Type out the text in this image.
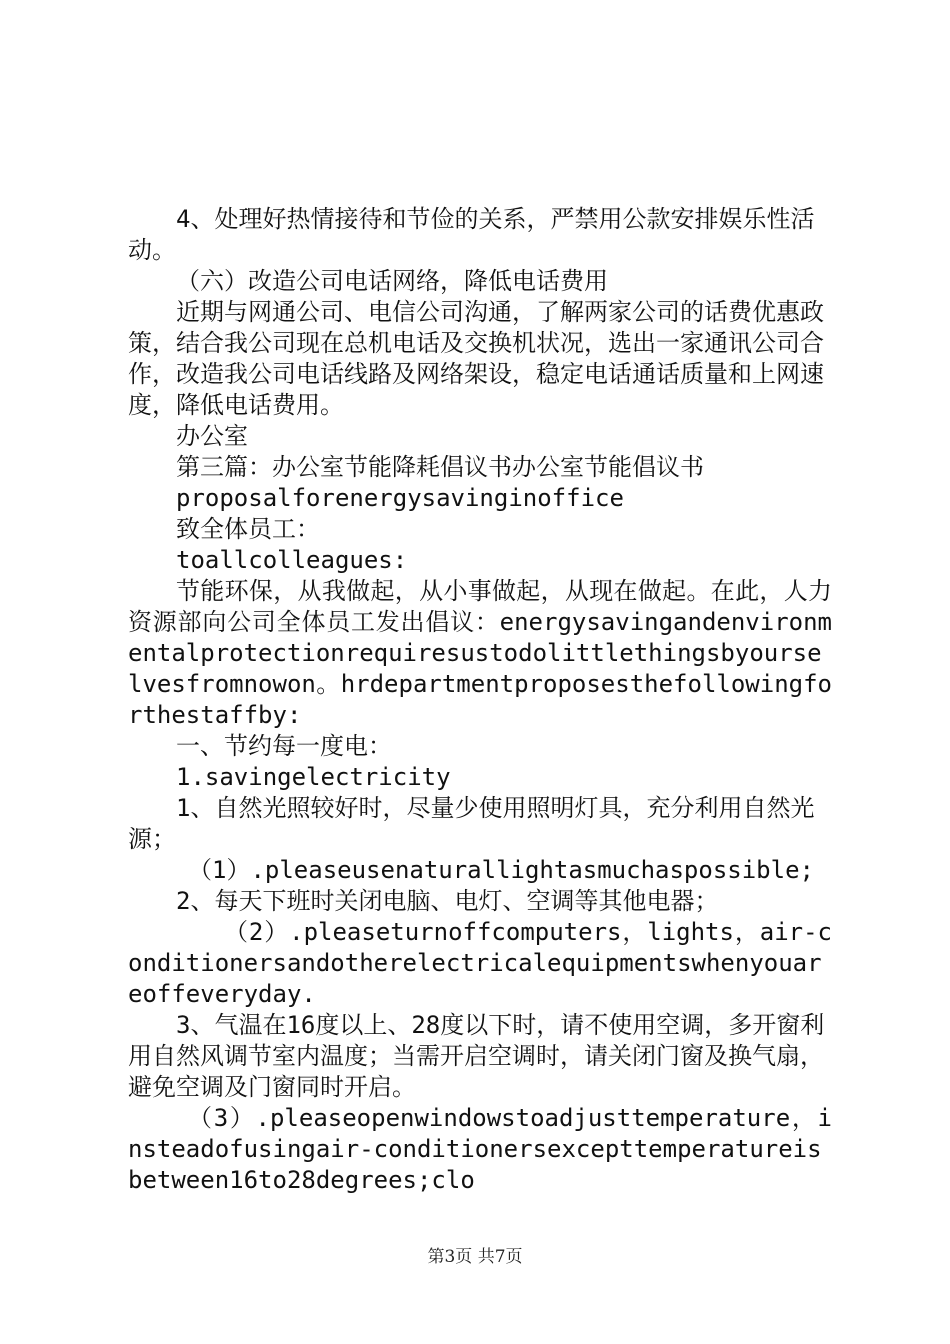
4、处理好热情接待和节俭的关系，严禁用公款安排娱乐性活动。

（六）改造公司电话网络，降低电话费用

近期与网通公司、电信公司沟通，了解两家公司的话费优惠政策，结合我公司现在总机电话及交换机状况，选出一家通讯公司合作，改造我公司电话线路及网络架设，稳定电话通话质量和上网速度，降低电话费用。

办公室

第三篇：办公室节能降耗倡议书办公室节能倡议书

proposalforenergysavinginoffice

致全体员工：

toallcolleagues:

节能环保，从我做起，从小事做起，从现在做起。在此，人力资源部向公司全体员工发出倡议：energysavingandenvironmentalprotectionrequiresustodolittlethingsbyourselvesfromnowon。hrdepartmentproposesthefollowingforthestaffby:

一、节约每一度电：

1.savingelectricity

1、自然光照较好时，尽量少使用照明灯具，充分利用自然光源；

（1）.pleaseusenaturallightasmuchaspossible;

2、每天下班时关闭电脑、电灯、空调等其他电器；

（2）.pleaseturnoffcomputers，lights，air-conditionersandotherelectricalequipmentswhenyouareoffeveryday.

3、气温在16度以上、28度以下时，请不使用空调，多开窗利用自然风调节室内温度；当需开启空调时，请关闭门窗及换气扇，避免空调及门窗同时开启。

（3）.pleaseopenwindowstoadjusttemperature，insteadofusingair-conditionersexcepttemperatureisbetween16to28degrees;clo

第3页 共7页
